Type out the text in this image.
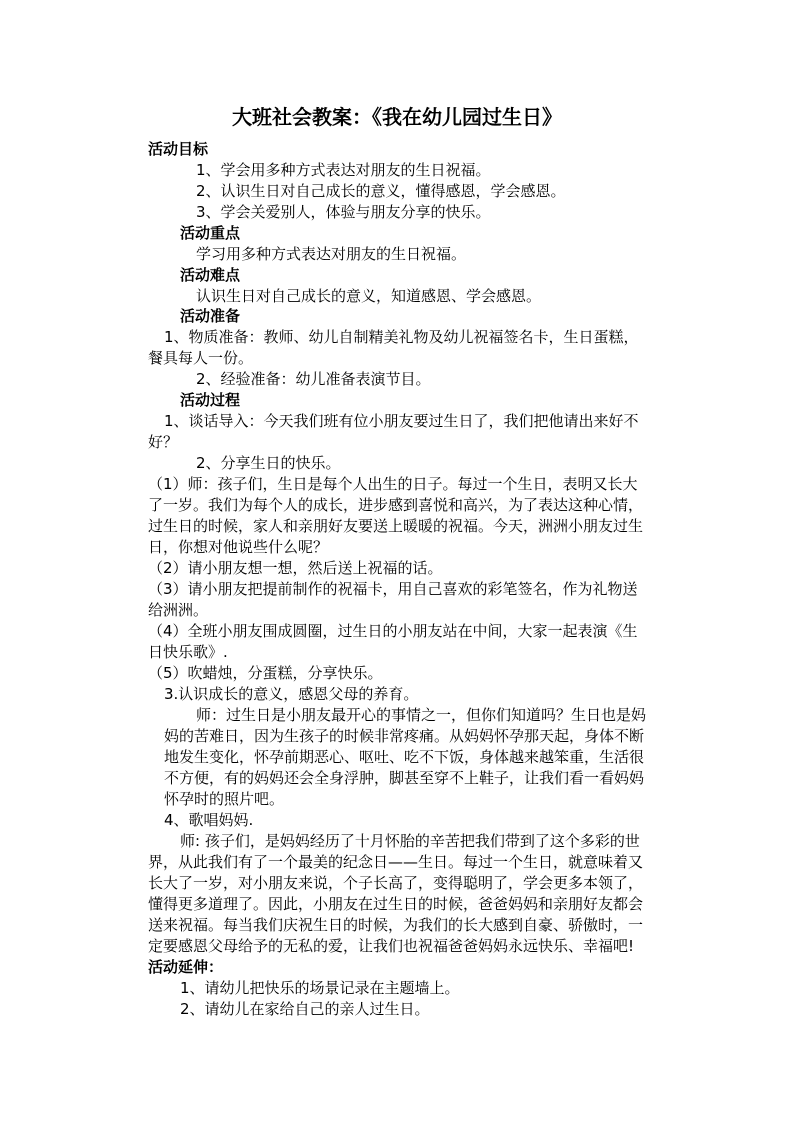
大班社会教案：《我在幼儿园过生日》
活动目标
1、学会用多种方式表达对朋友的生日祝福。
2、认识生日对自己成长的意义，懂得感恩，学会感恩。
3、学会关爱别人，体验与朋友分享的快乐。
活动重点
学习用多种方式表达对朋友的生日祝福。
活动难点
认识生日对自己成长的意义，知道感恩、学会感恩。
活动准备
1、物质准备：教师、幼儿自制精美礼物及幼儿祝福签名卡，生日蛋糕，
餐具每人一份。
2、经验准备：幼儿准备表演节目。
活动过程
1、谈话导入：今天我们班有位小朋友要过生日了，我们把他请出来好不
好？
2、分享生日的快乐。
（1）师：孩子们，生日是每个人出生的日子。每过一个生日，表明又长大
了一岁。我们为每个人的成长，进步感到喜悦和高兴，为了表达这种心情，
过生日的时候，家人和亲朋好友要送上暖暖的祝福。今天，洲洲小朋友过生
日，你想对他说些什么呢？
（2）请小朋友想一想，然后送上祝福的话。
（3）请小朋友把提前制作的祝福卡，用自己喜欢的彩笔签名，作为礼物送
给洲洲。
（4）全班小朋友围成圆圈，过生日的小朋友站在中间，大家一起表演《生
日快乐歌》.
（5）吹蜡烛，分蛋糕，分享快乐。
3.认识成长的意义，感恩父母的养育。
师：过生日是小朋友最开心的事情之一，但你们知道吗？生日也是妈
妈的苦难日，因为生孩子的时候非常疼痛。从妈妈怀孕那天起，身体不断
地发生变化，怀孕前期恶心、呕吐、吃不下饭，身体越来越笨重，生活很
不方便，有的妈妈还会全身浮肿，脚甚至穿不上鞋子，让我们看一看妈妈
怀孕时的照片吧。
4、歌唱妈妈.
师: 孩子们，是妈妈经历了十月怀胎的辛苦把我们带到了这个多彩的世
界，从此我们有了一个最美的纪念日——生日。每过一个生日，就意味着又
长大了一岁，对小朋友来说，个子长高了，变得聪明了，学会更多本领了，
懂得更多道理了。因此，小朋友在过生日的时候，爸爸妈妈和亲朋好友都会
送来祝福。每当我们庆祝生日的时候，为我们的长大感到自豪、骄傲时，一
定要感恩父母给予的无私的爱，让我们也祝福爸爸妈妈永远快乐、幸福吧!
活动延伸：
1、请幼儿把快乐的场景记录在主题墙上。
2、请幼儿在家给自己的亲人过生日。
